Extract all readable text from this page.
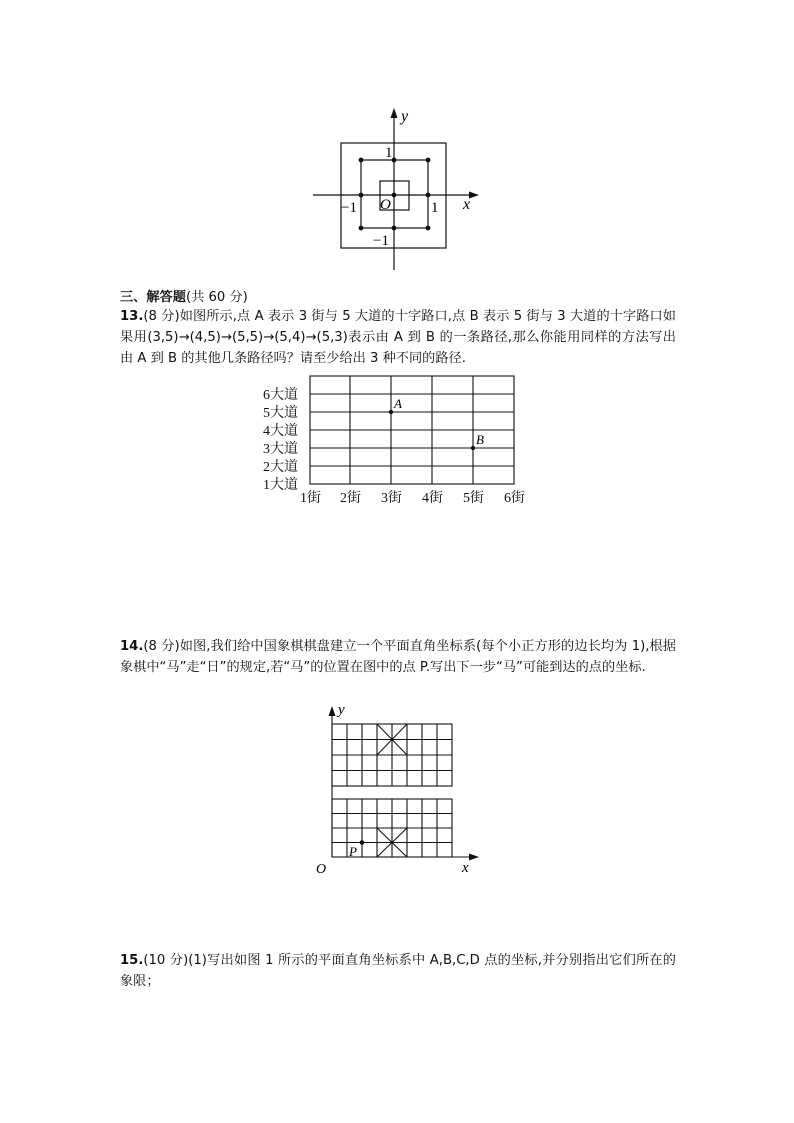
y
x
O
1
−1
−1	1
三、解答题(共 60 分)
13.(8 分)如图所示,点 A 表示 3 街与 5 大道的十字路口,点 B 表示 5 街与 3 大道的十字路口如果用(3,5)→(4,5)→(5,5)→(5,4)→(5,3)表示由 A 到 B 的一条路径,那么你能用同样的方法写出由 A 到 B 的其他几条路径吗？请至少给出 3 种不同的路径.
6大道
5大道
4大道
3大道
2大道
1大道
1街 2街 3街 4街 5街 6街
A
B
14.(8 分)如图,我们给中国象棋棋盘建立一个平面直角坐标系(每个小正方形的边长均为 1),根据象棋中“马”走“日”的规定,若“马”的位置在图中的点 P.写出下一步“马”可能到达的点的坐标.
P
y
x
O
15.(10 分)(1)写出如图 1 所示的平面直角坐标系中 A,B,C,D 点的坐标,并分别指出它们所在的象限；
